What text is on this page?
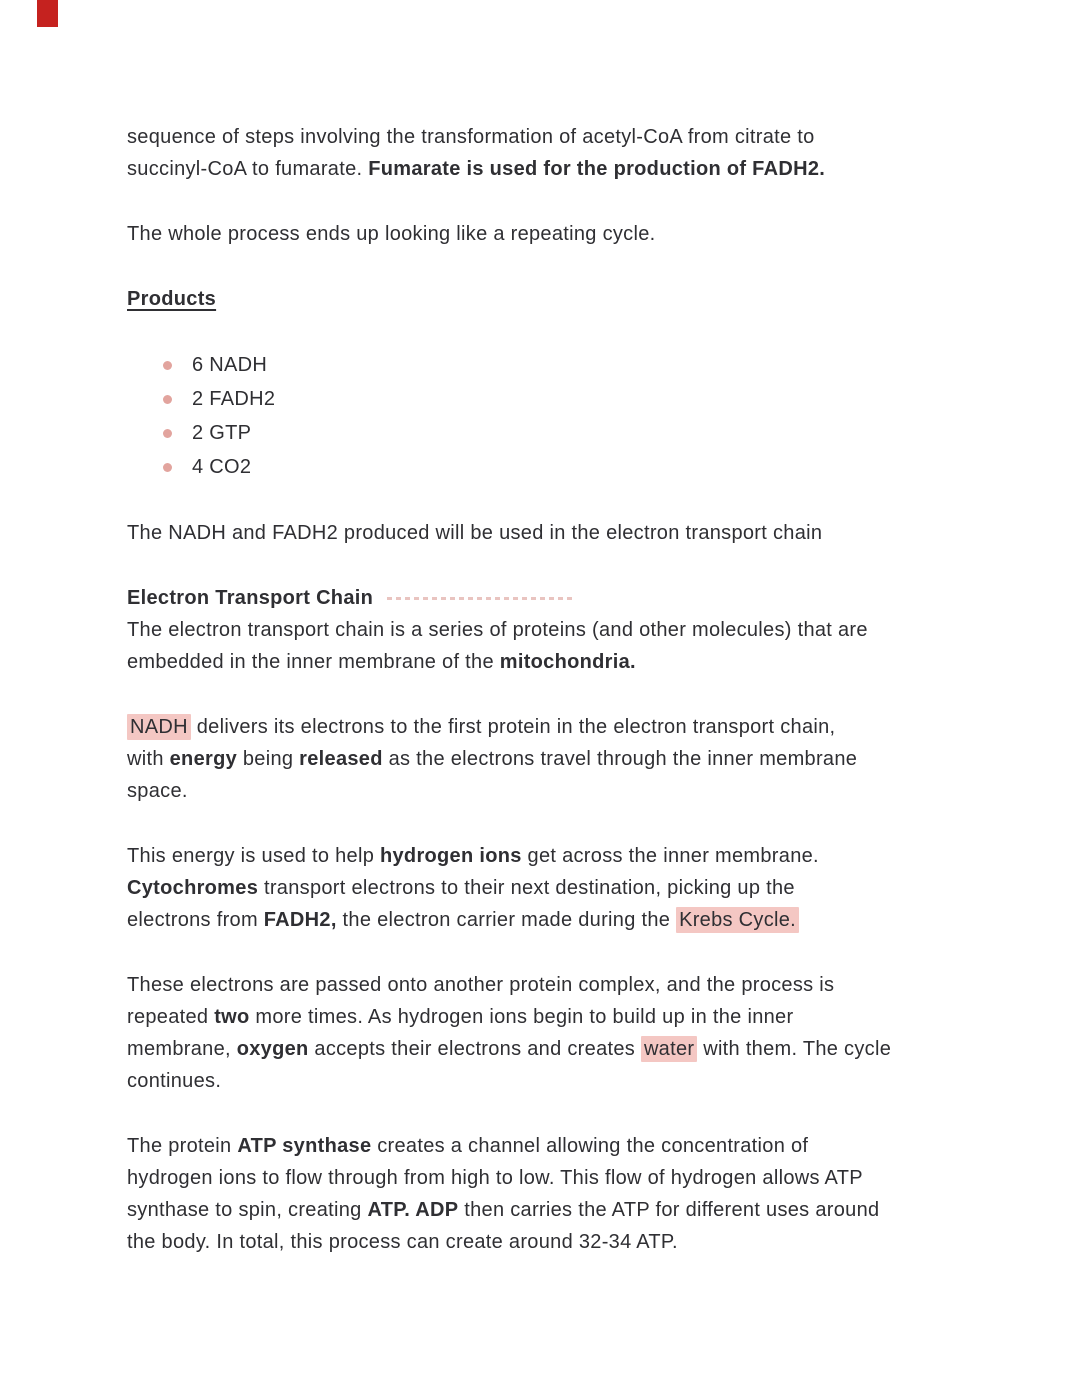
sequence of steps involving the transformation of acetyl-CoA from citrate to
succinyl-CoA to fumarate. Fumarate is used for the production of FADH2.
The whole process ends up looking like a repeating cycle.
Products
6 NADH
2 FADH2
2 GTP
4 CO2
The NADH and FADH2 produced will be used in the electron transport chain
Electron Transport Chain
The electron transport chain is a series of proteins (and other molecules) that are
embedded in the inner membrane of the mitochondria.
NADH delivers its electrons to the first protein in the electron transport chain,
with energy being released as the electrons travel through the inner membrane
space.
This energy is used to help hydrogen ions get across the inner membrane.
Cytochromes transport electrons to their next destination, picking up the
electrons from FADH2, the electron carrier made during the Krebs Cycle.
These electrons are passed onto another protein complex, and the process is
repeated two more times. As hydrogen ions begin to build up in the inner
membrane, oxygen accepts their electrons and creates water with them. The cycle
continues.
The protein ATP synthase creates a channel allowing the concentration of
hydrogen ions to flow through from high to low. This flow of hydrogen allows ATP
synthase to spin, creating ATP. ADP then carries the ATP for different uses around
the body. In total, this process can create around 32-34 ATP.
